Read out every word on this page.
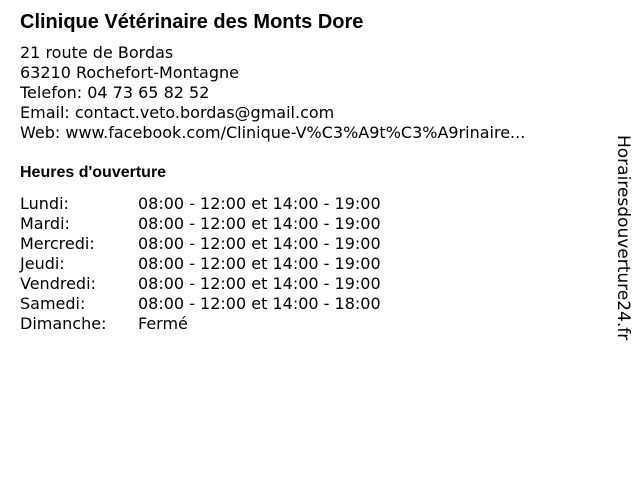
Clinique Vétérinaire des Monts Dore
21 route de Bordas
63210 Rochefort-Montagne
Telefon: 04 73 65 82 52
Email: contact.veto.bordas@gmail.com
Web: www.facebook.com/Clinique-V%C3%A9t%C3%A9rinaire...
Heures d'ouverture
Lundi:	08:00 - 12:00 et 14:00 - 19:00
Mardi:	08:00 - 12:00 et 14:00 - 19:00
Mercredi:	08:00 - 12:00 et 14:00 - 19:00
Jeudi:	08:00 - 12:00 et 14:00 - 19:00
Vendredi:	08:00 - 12:00 et 14:00 - 19:00
Samedi:	08:00 - 12:00 et 14:00 - 18:00
Dimanche: Fermé	Horairesdouverture24.fr
